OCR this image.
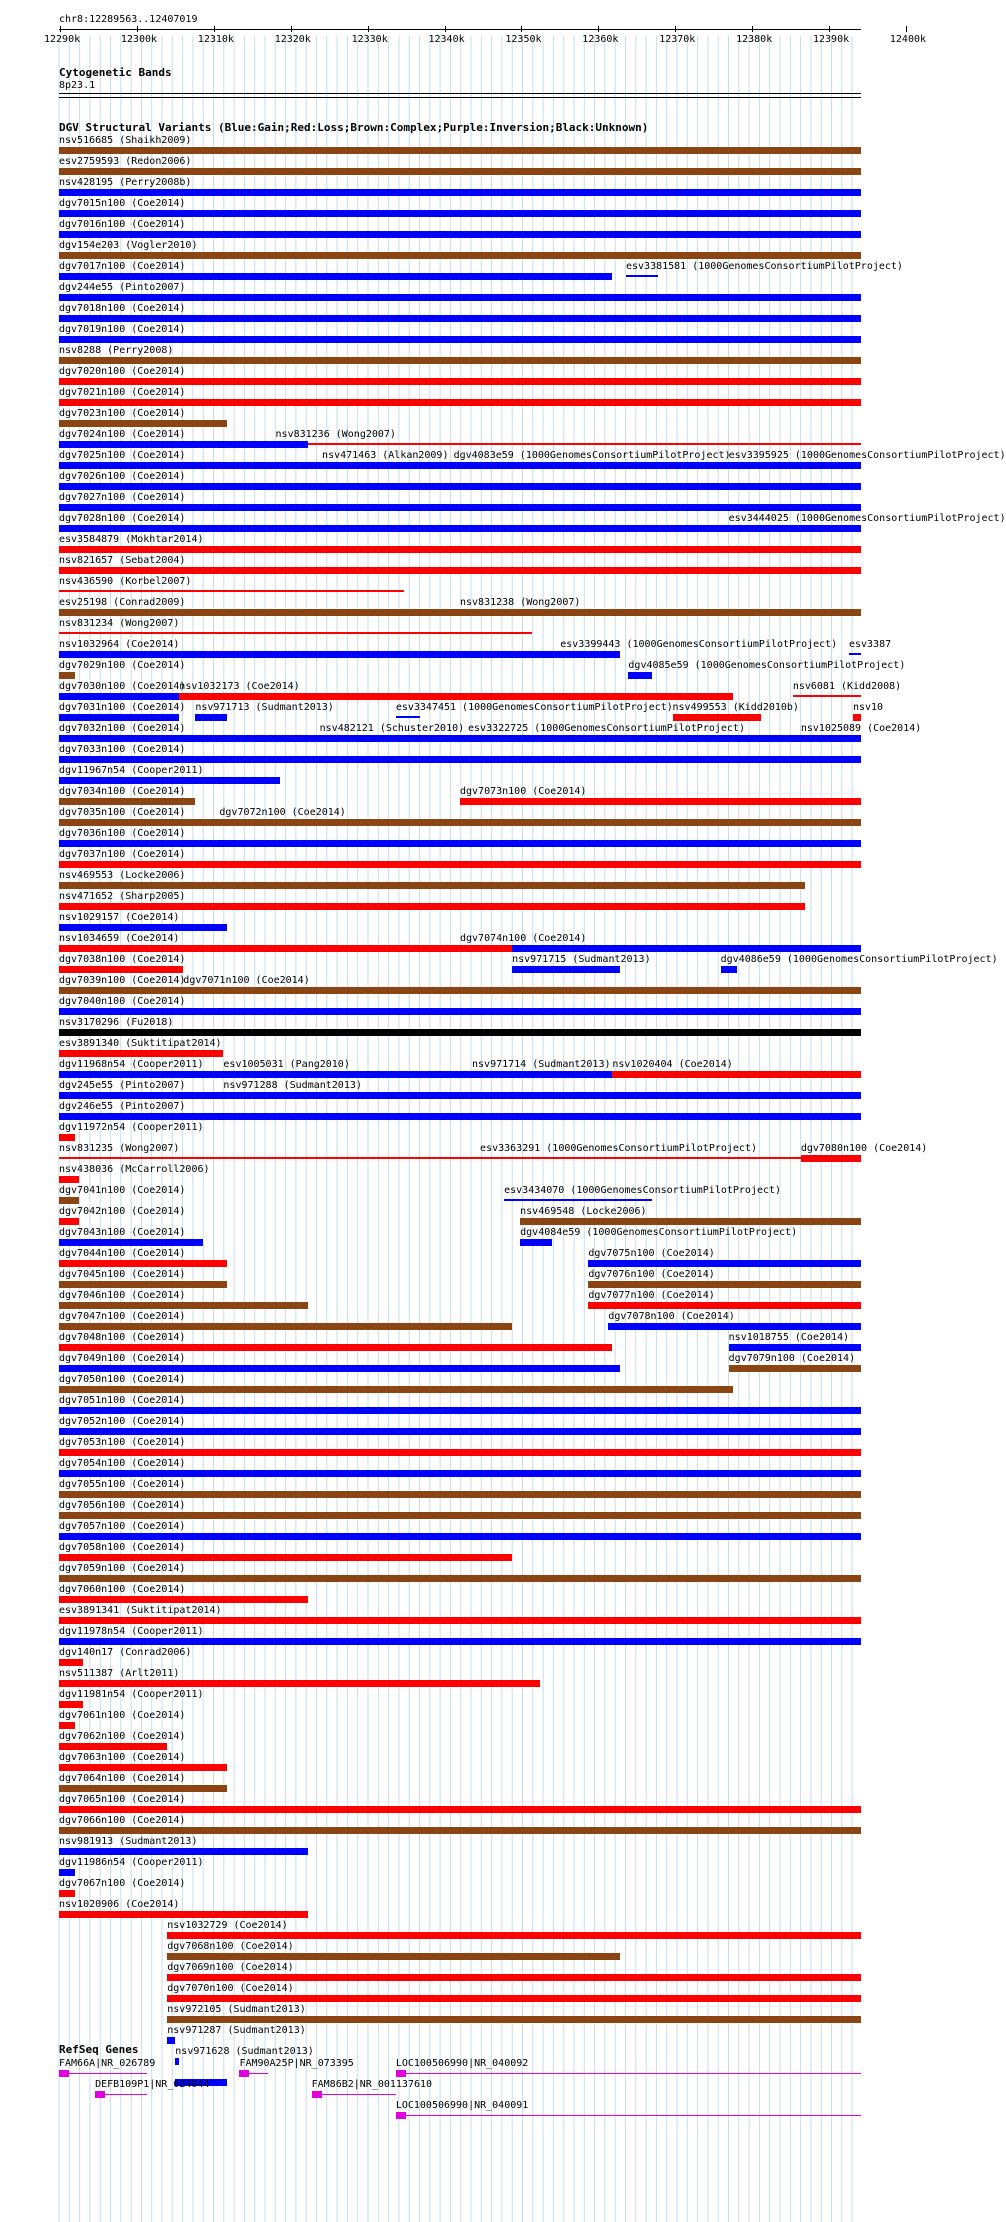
chr8:12289563..12407019
12290k	12300k	12310k	12320k	12330k	12340k	12350k	12360k	12370k	12380k	12390k	12400k
Cytogenetic Bands
8p23.1
DGV Structural Variants (Blue:Gain;Red:Loss;Brown:Complex;Purple:Inversion;Black:Unknown)
nsv516685 (Shaikh2009)
esv2759593 (Redon2006)
nsv428195 (Perry2008b)
dgv7015n100 (Coe2014)
dgv7016n100 (Coe2014)
dgv154e203 (Vogler2010)
dgv7017n100 (Coe2014)	esv3381581 (1000GenomesConsortiumPilotProject)
dgv244e55 (Pinto2007)
dgv7018n100 (Coe2014)
dgv7019n100 (Coe2014)
nsv8288 (Perry2008)
dgv7020n100 (Coe2014)
dgv7021n100 (Coe2014)
dgv7023n100 (Coe2014)
nsv831236 (Wong2007)
dgv7024n100 (Coe2014)
nsv471463 (Alkan2009) dgv4083e59 (1000GenomesConsortiumPilotProject)
esv3395925 (1000GenomesConsortiumPilotProject)
dgv7025n100 (Coe2014)
dgv7026n100 (Coe2014)
dgv7027n100 (Coe2014)
esv3444025 (1000GenomesConsortiumPilotProject)
dgv7028n100 (Coe2014)
esv3584879 (Mokhtar2014)
nsv821657 (Sebat2004)
nsv436590 (Korbel2007)
nsv831238 (Wong2007)
esv25198 (Conrad2009)
nsv831234 (Wong2007)
esv3399443 (1000GenomesConsortiumPilotProject) esv3387
nsv1032964 (Coe2014)
dgv4085e59 (1000GenomesConsortiumPilotProject)
dgv7029n100 (Coe2014)
nsv1032173 (Coe2014)	nsv6081 (Kidd2008)
dgv7030n100 (Coe2014)
nsv971713 (Sudmant2013)	esv3347451 (1000GenomesConsortiumPilotProject) nsv499553 (Kidd2010b)	nsv10
dgv7031n100 (Coe2014)
nsv482121 (Schuster2010) esv3322725 (1000GenomesConsortiumPilotProject)	nsv1025089 (Coe2014)
dgv7032n100 (Coe2014)
dgv7033n100 (Coe2014)
dgv11967n54 (Cooper2011)
dgv7073n100 (Coe2014)
dgv7034n100 (Coe2014)
dgv7072n100 (Coe2014)
dgv7035n100 (Coe2014)
dgv7036n100 (Coe2014)
dgv7037n100 (Coe2014)
nsv469553 (Locke2006)
nsv471652 (Sharp2005)
nsv1029157 (Coe2014)
dgv7074n100 (Coe2014)
nsv1034659 (Coe2014)
nsv971715 (Sudmant2013)	dgv4086e59 (1000GenomesConsortiumPilotProject)
dgv7038n100 (Coe2014)
dgv7071n100 (Coe2014)
dgv7039n100 (Coe2014)
dgv7040n100 (Coe2014)
nsv3170296 (Fu2018)
esv3891340 (Suktitipat2014)
esv1005031 (Pang2010)	nsv971714 (Sudmant2013) nsv1020404 (Coe2014)
dgv11968n54 (Cooper2011)
nsv971288 (Sudmant2013)
dgv245e55 (Pinto2007)
dgv246e55 (Pinto2007)
dgv11972n54 (Cooper2011)
esv3363291 (1000GenomesConsortiumPilotProject)	dgv7080n100 (Coe2014)
nsv831235 (Wong2007)
nsv438036 (McCarroll2006)
esv3434070 (1000GenomesConsortiumPilotProject)
dgv7041n100 (Coe2014)
nsv469548 (Locke2006)
dgv7042n100 (Coe2014)
dgv4084e59 (1000GenomesConsortiumPilotProject)
dgv7043n100 (Coe2014)
dgv7075n100 (Coe2014)
dgv7044n100 (Coe2014)
dgv7076n100 (Coe2014)
dgv7045n100 (Coe2014)
dgv7077n100 (Coe2014)
dgv7046n100 (Coe2014)
dgv7078n100 (Coe2014)
dgv7047n100 (Coe2014)
nsv1018755 (Coe2014)
dgv7048n100 (Coe2014)
dgv7079n100 (Coe2014)
dgv7049n100 (Coe2014)
dgv7050n100 (Coe2014)
dgv7051n100 (Coe2014)
dgv7052n100 (Coe2014)
dgv7053n100 (Coe2014)
dgv7054n100 (Coe2014)
dgv7055n100 (Coe2014)
dgv7056n100 (Coe2014)
dgv7057n100 (Coe2014)
dgv7058n100 (Coe2014)
dgv7059n100 (Coe2014)
dgv7060n100 (Coe2014)
esv3891341 (Suktitipat2014)
dgv11978n54 (Cooper2011)
dgv140n17 (Conrad2006)
nsv511387 (Arlt2011)
dgv11981n54 (Cooper2011)
dgv7061n100 (Coe2014)
dgv7062n100 (Coe2014)
dgv7063n100 (Coe2014)
dgv7064n100 (Coe2014)
dgv7065n100 (Coe2014)
dgv7066n100 (Coe2014)
nsv981913 (Sudmant2013)
dgv11986n54 (Cooper2011)
dgv7067n100 (Coe2014)
nsv1020906 (Coe2014)
nsv1032729 (Coe2014)
dgv7068n100 (Coe2014)
dgv7069n100 (Coe2014)
dgv7070n100 (Coe2014)
nsv972105 (Sudmant2013)
nsv971287 (Sudmant2013)
nsv971628 (Sudmant2013)
RefSeq Genes
FAM66A|NR_026789	FAM90A25P|NR_073395	LOC100506990|NR_040092
DEFB109P1|NR_024044	FAM86B2|NR_001137610
LOC100506990|NR_040091
